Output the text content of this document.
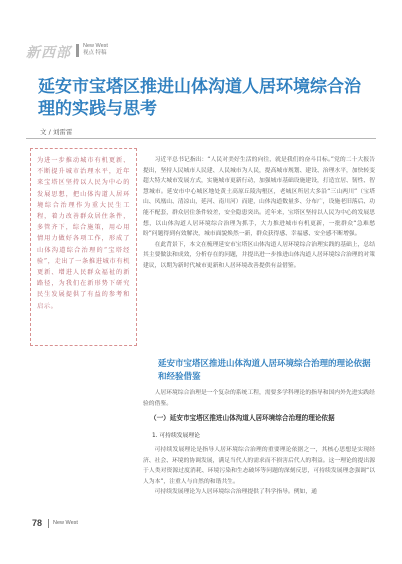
新西部 New West
视点 特稿
延安市宝塔区推进山体沟道人居环境综合治理的实践与思考
文 / 刘雷雷

为进一步推动城市有机更新、不断提升城市治理水平，近年来宝塔区坚持以人民为中心的发展思想，把山体沟道人居环境综合治理作为重大民生工程，着力改善群众居住条件，多管齐下，综合施策，用心用情用力做好各项工作，形成了山体沟道综合治理的“宝塔经验”，走出了一条推进城市有机更新、增进人民群众福祉的新路径，为我们在新形势下研究民生发展提供了有益的参考和启示。

习近平总书记指出：“人民对美好生活的向往，就是我们的奋斗目标。”党的二十大报告提出，坚持人民城市人民建、人民城市为人民，提高城市规划、建设、治理水平，加快转变超大特大城市发展方式，实施城市更新行动，加强城市基础设施建设，打造宜居、韧性、智慧城市。延安市中心城区地处黄土高原丘陵沟壑区，老城区所居大多沿“三山两川”（宝塔山、凤凰山、清凉山，延河、南川河）而建，山体沟道数量多、分布广，设施老旧落后、功能不配套，群众居住条件较差，安全隐患突出。近年来，宝塔区坚持以人民为中心的发展思想，以山体沟道人居环境综合治理为抓手，大力推进城市有机更新，一批群众“急难愁盼”问题得到有效解决，城市面貌焕然一新，群众获得感、幸福感、安全感不断增强。

在此背景下，本文在梳理延安市宝塔区山体沟道人居环境综合治理实践的基础上，总结其主要做法和成效，分析存在的问题，并提出进一步推进山体沟道人居环境综合治理的对策建议，以期为新时代城市更新和人居环境改善提供有益借鉴。

延安市宝塔区推进山体沟道人居环境综合治理的理论依据和经验借鉴

人居环境综合治理是一个复杂的系统工程，需要多学科理论的指导和国内外先进实践经验的借鉴。

（一）延安市宝塔区推进山体沟道人居环境综合治理的理论依据
1. 可持续发展理论

可持续发展理论是指导人居环境综合治理的重要理论依据之一，其核心思想是实现经济、社会、环境的协调发展，满足当代人的需求而不损害后代人的利益。这一理论的提出源于人类对资源过度消耗、环境污染和生态破坏等问题的深刻反思，可持续发展理念强调“以人为本”，注重人与自然的和谐共生。

可持续发展理论为人居环境综合治理提供了科学指导。例如，通

78 New West
